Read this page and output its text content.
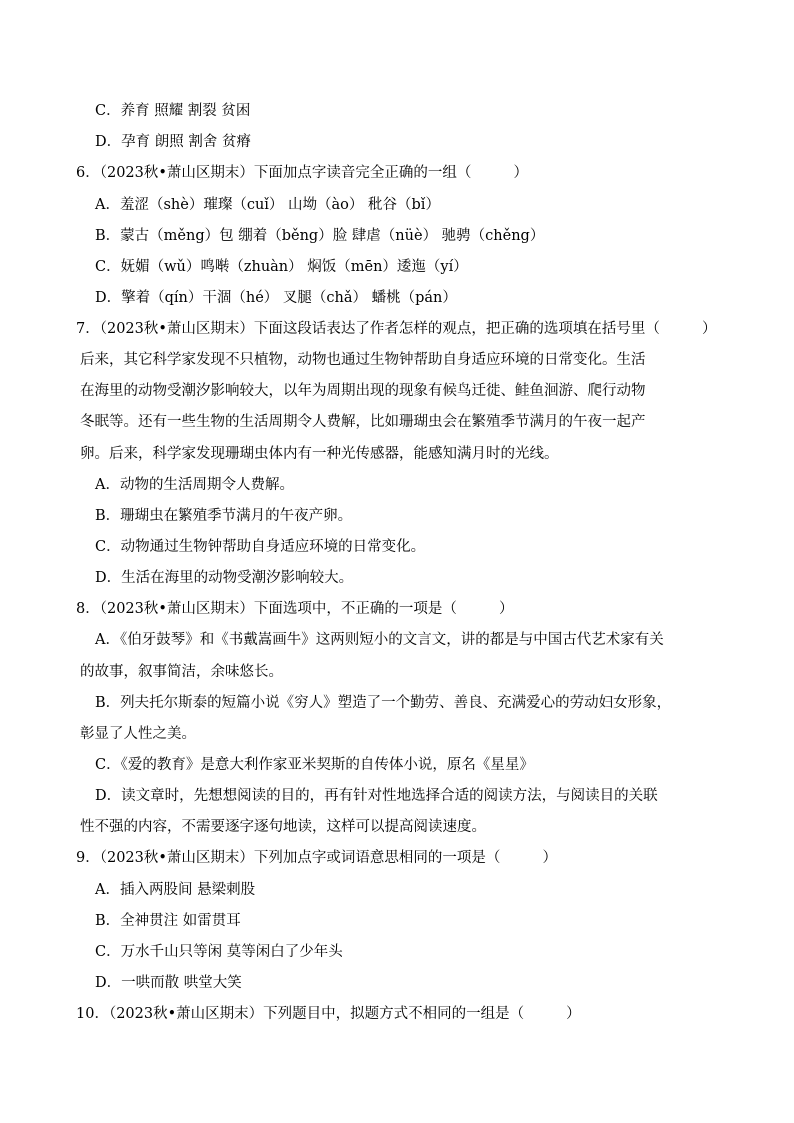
C．养育 照耀 割裂 贫困
D．孕育 朗照 割舍 贫瘠
6．（2023秋•萧山区期末）下面加点字读音完全正确的一组（	）
A．羞涩（shè）璀璨（cuǐ） 山坳（ào） 秕谷（bǐ）
B．蒙古（měng）包 绷着（běng）脸 肆虐（nüè） 驰骋（chěng）
C．妩媚（wǔ）鸣啭（zhuàn） 焖饭（mēn）逶迤（yí）
D．擎着（qín）干涸（hé） 叉腿（chǎ） 蟠桃（pán）
7．（2023秋•萧山区期末）下面这段话表达了作者怎样的观点，把正确的选项填在括号里（	）
后来，其它科学家发现不只植物，动物也通过生物钟帮助自身适应环境的日常变化。生活
在海里的动物受潮汐影响较大，以年为周期出现的现象有候鸟迁徙、鲑鱼洄游、爬行动物
冬眠等。还有一些生物的生活周期令人费解，比如珊瑚虫会在繁殖季节满月的午夜一起产
卵。后来，科学家发现珊瑚虫体内有一种光传感器，能感知满月时的光线。
A．动物的生活周期令人费解。
B．珊瑚虫在繁殖季节满月的午夜产卵。
C．动物通过生物钟帮助自身适应环境的日常变化。
D．生活在海里的动物受潮汐影响较大。
8．（2023秋•萧山区期末）下面选项中，不正确的一项是（	）
A．《伯牙鼓琴》和《书戴嵩画牛》这两则短小的文言文，讲的都是与中国古代艺术家有关
的故事，叙事简洁，余味悠长。
B．列夫托尔斯泰的短篇小说《穷人》塑造了一个勤劳、善良、充满爱心的劳动妇女形象，
彰显了人性之美。
C．《爱的教育》是意大利作家亚米契斯的自传体小说，原名《星星》
D．读文章时，先想想阅读的目的，再有针对性地选择合适的阅读方法，与阅读目的关联
性不强的内容，不需要逐字逐句地读，这样可以提高阅读速度。
9．（2023秋•萧山区期末）下列加点字或词语意思相同的一项是（	）
A．插入两股间 悬梁刺股
B．全神贯注 如雷贯耳
C．万水千山只等闲 莫等闲白了少年头
D．一哄而散 哄堂大笑
10．（2023秋•萧山区期末）下列题目中，拟题方式不相同的一组是（	）
